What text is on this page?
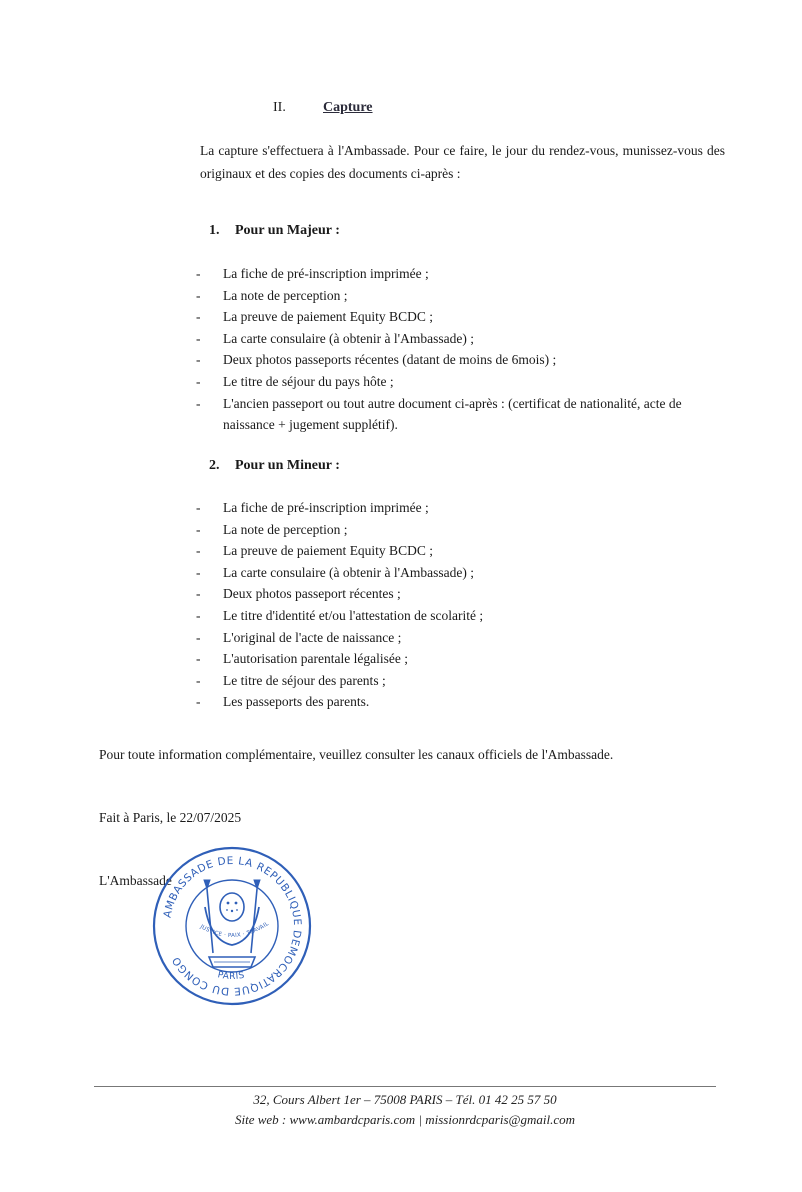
II.	Capture
La capture s'effectuera à l'Ambassade. Pour ce faire, le jour du rendez-vous, munissez-vous des originaux et des copies des documents ci-après :
1. Pour un Majeur :
- La fiche de pré-inscription imprimée ;
- La note de perception ;
- La preuve de paiement Equity BCDC ;
- La carte consulaire (à obtenir à l'Ambassade) ;
- Deux photos passeports récentes (datant de moins de 6mois) ;
- Le titre de séjour du pays hôte ;
- L'ancien passeport ou tout autre document ci-après : (certificat de nationalité, acte de naissance + jugement supplétif).
2. Pour un Mineur :
- La fiche de pré-inscription imprimée ;
- La note de perception ;
- La preuve de paiement Equity BCDC ;
- La carte consulaire (à obtenir à l'Ambassade) ;
- Deux photos passeport récentes ;
- Le titre d'identité et/ou l'attestation de scolarité ;
- L'original de l'acte de naissance ;
- L'autorisation parentale légalisée ;
- Le titre de séjour des parents ;
- Les passeports des parents.
Pour toute information complémentaire, veuillez consulter les canaux officiels de l'Ambassade.
Fait à Paris, le 22/07/2025
L'Ambassade
AMBASSADE DE LA REPUBLIQUE DEMOCRATIQUE DU CONGO
JUSTICE · PAIX · TRAVAIL
PARIS
32, Cours Albert 1er – 75008 PARIS – Tél. 01 42 25 57 50
Site web : www.ambardcparis.com | missionrdcparis@gmail.com
